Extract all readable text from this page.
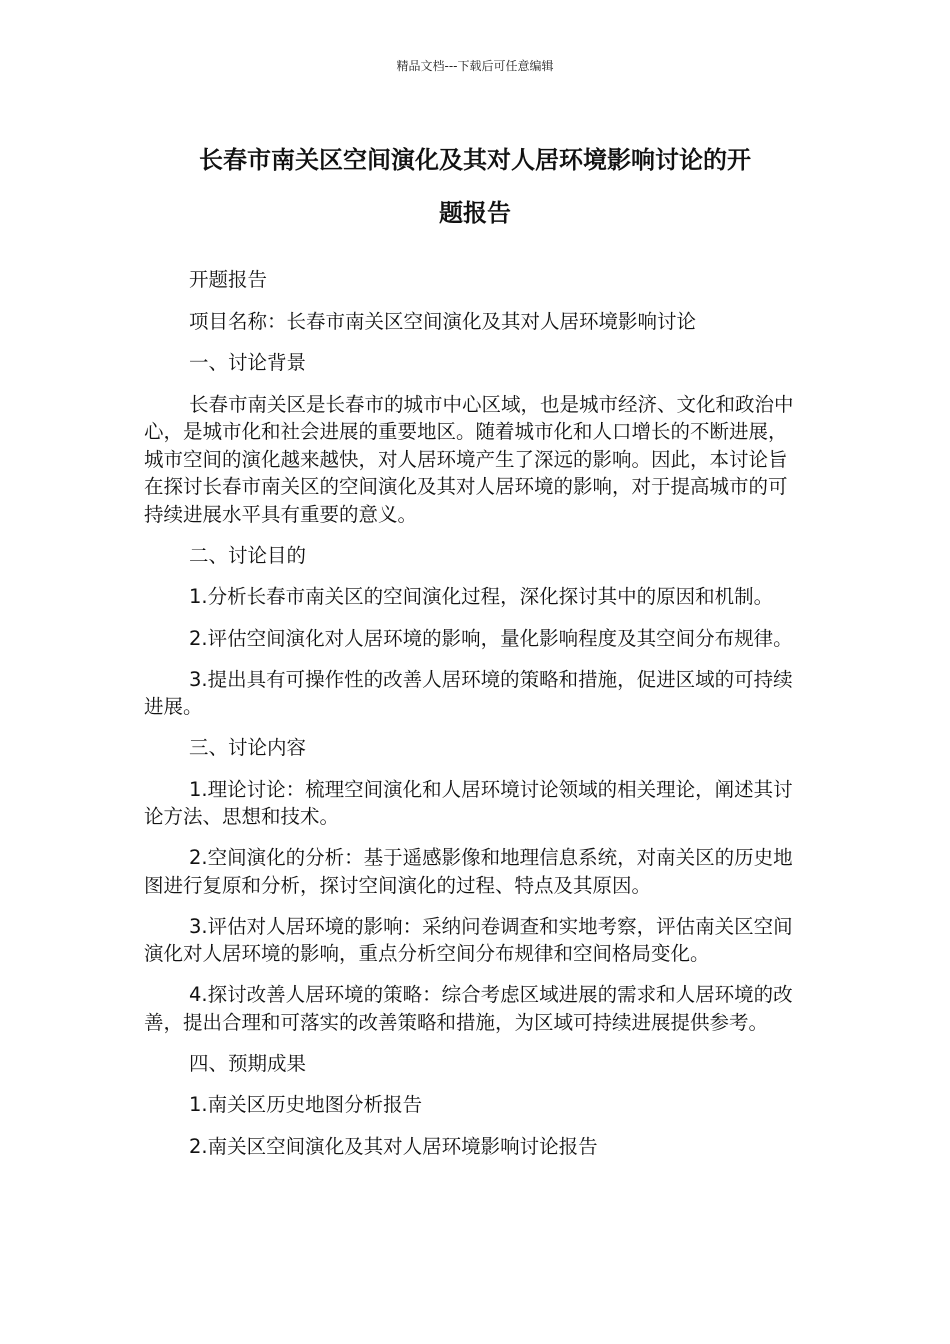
精品文档---下载后可任意编辑
长春市南关区空间演化及其对人居环境影响讨论的开
题报告

开题报告

项目名称：长春市南关区空间演化及其对人居环境影响讨论

一、讨论背景

长春市南关区是长春市的城市中心区域，也是城市经济、文化和政治中心，是城市化和社会进展的重要地区。随着城市化和人口增长的不断进展，城市空间的演化越来越快，对人居环境产生了深远的影响。因此，本讨论旨在探讨长春市南关区的空间演化及其对人居环境的影响，对于提高城市的可持续进展水平具有重要的意义。

二、讨论目的

1.分析长春市南关区的空间演化过程，深化探讨其中的原因和机制。

2.评估空间演化对人居环境的影响，量化影响程度及其空间分布规律。

3.提出具有可操作性的改善人居环境的策略和措施，促进区域的可持续进展。

三、讨论内容

1.理论讨论：梳理空间演化和人居环境讨论领域的相关理论，阐述其讨论方法、思想和技术。

2.空间演化的分析：基于遥感影像和地理信息系统，对南关区的历史地图进行复原和分析，探讨空间演化的过程、特点及其原因。

3.评估对人居环境的影响：采纳问卷调查和实地考察，评估南关区空间演化对人居环境的影响，重点分析空间分布规律和空间格局变化。

4.探讨改善人居环境的策略：综合考虑区域进展的需求和人居环境的改善，提出合理和可落实的改善策略和措施，为区域可持续进展提供参考。

四、预期成果

1.南关区历史地图分析报告

2.南关区空间演化及其对人居环境影响讨论报告
